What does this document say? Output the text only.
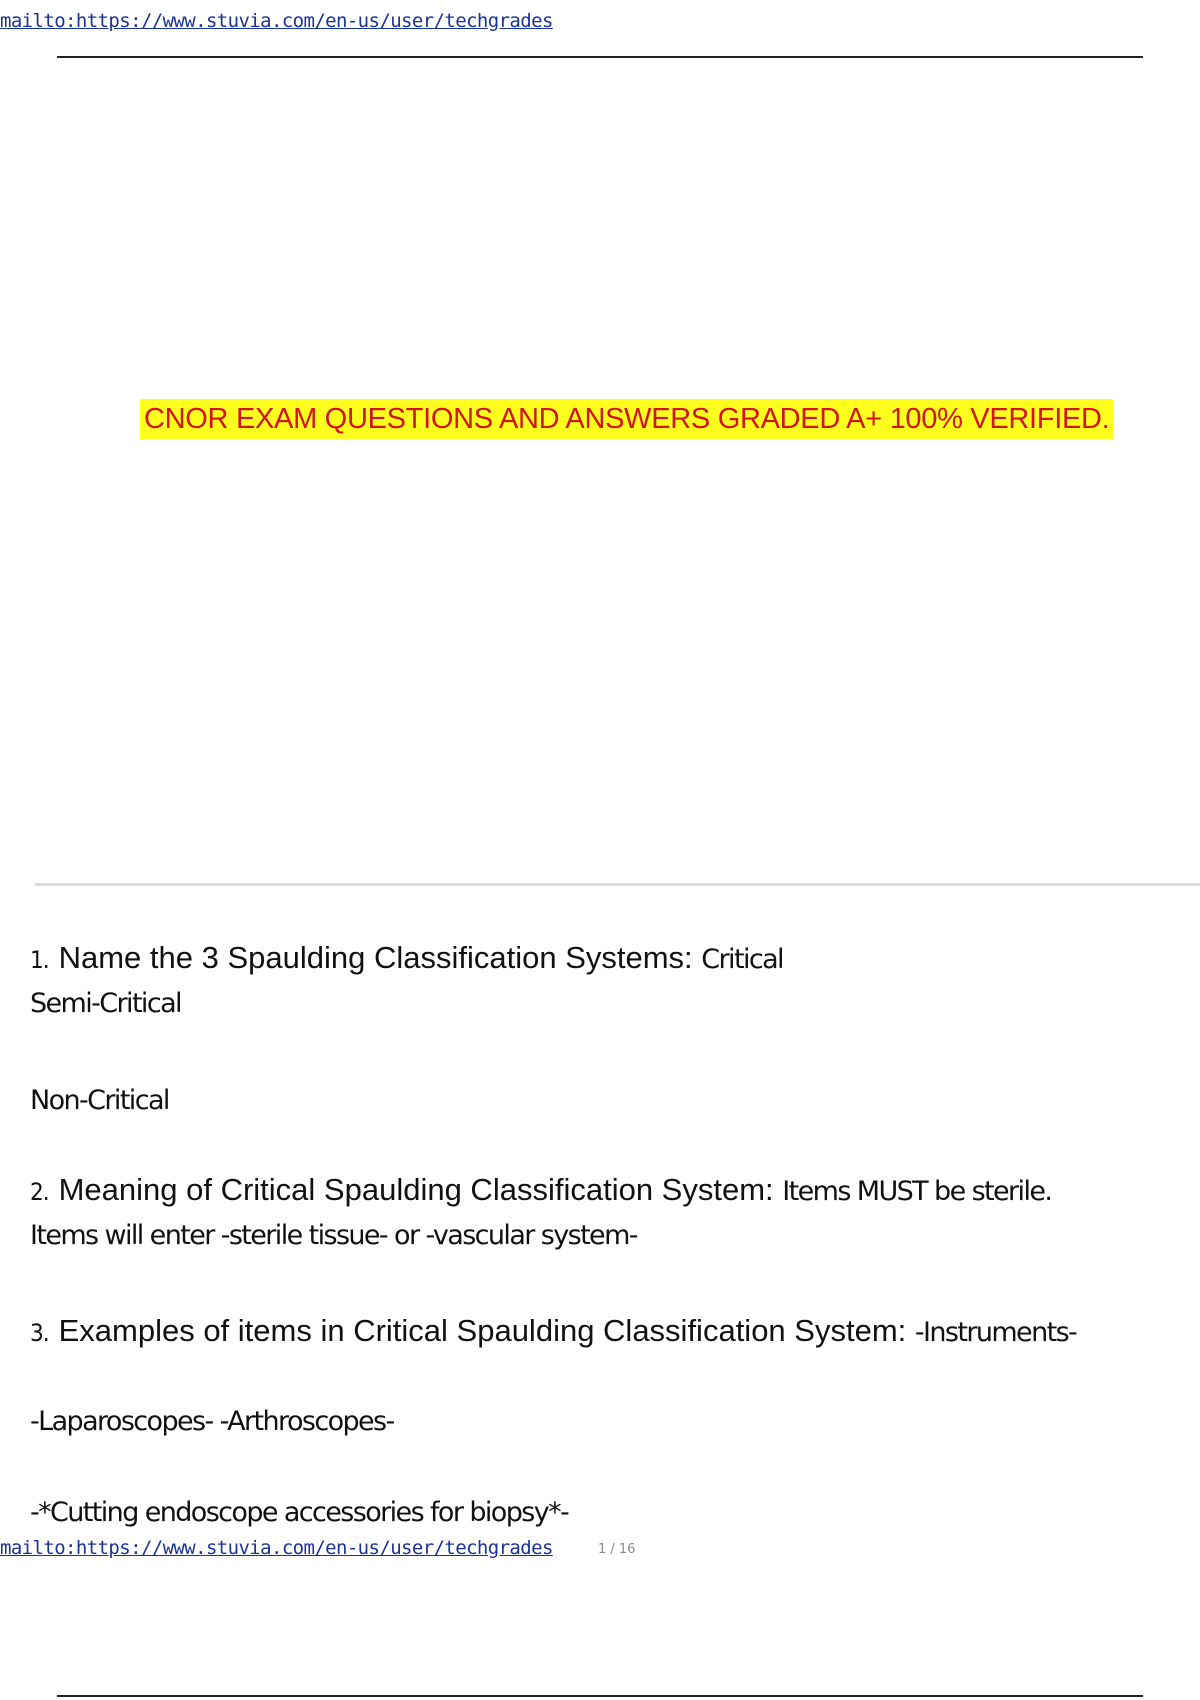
mailto:https://www.stuvia.com/en-us/user/techgrades
CNOR EXAM QUESTIONS AND ANSWERS GRADED A+ 100% VERIFIED.
1. Name the 3 Spaulding Classification Systems: Critical
Semi-Critical
Non-Critical
2. Meaning of Critical Spaulding Classification System: Items MUST be sterile.
Items will enter -sterile tissue- or -vascular system-
3. Examples of items in Critical Spaulding Classification System: -Instruments-
-Laparoscopes- -Arthroscopes-
-*Cutting endoscope accessories for biopsy*-
mailto:https://www.stuvia.com/en-us/user/techgrades	1 / 16
